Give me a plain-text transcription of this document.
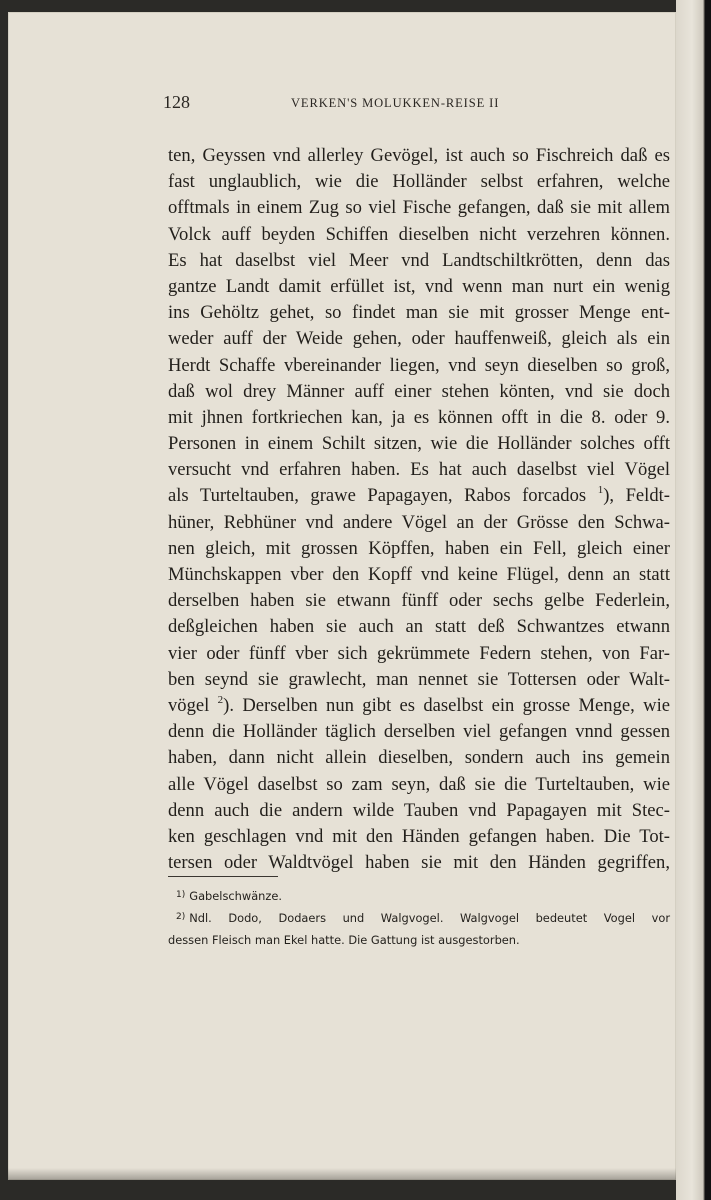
128	VERKEN'S MOLUKKEN-REISE II
ten, Geyssen vnd allerley Gevögel, ist auch so Fischreich daß es
fast unglaublich, wie die Holländer selbst erfahren, welche
offtmals in einem Zug so viel Fische gefangen, daß sie mit allem
Volck auff beyden Schiffen dieselben nicht verzehren können.
Es hat daselbst viel Meer vnd Landtschiltkrötten, denn das
gantze Landt damit erfüllet ist, vnd wenn man nurt ein wenig
ins Gehöltz gehet, so findet man sie mit grosser Menge ent-
weder auff der Weide gehen, oder hauffenweiß, gleich als ein
Herdt Schaffe vbereinander liegen, vnd seyn dieselben so groß,
daß wol drey Männer auff einer stehen könten, vnd sie doch
mit jhnen fortkriechen kan, ja es können offt in die 8. oder 9.
Personen in einem Schilt sitzen, wie die Holländer solches offt
versucht vnd erfahren haben. Es hat auch daselbst viel Vögel
als Turteltauben, grawe Papagayen, Rabos forcados $^1$), Feldt-
hüner, Rebhüner vnd andere Vögel an der Grösse den Schwa-
nen gleich, mit grossen Köpffen, haben ein Fell, gleich einer
Münchskappen vber den Kopff vnd keine Flügel, denn an statt
derselben haben sie etwann fünff oder sechs gelbe Federlein,
deßgleichen haben sie auch an statt deß Schwantzes etwann
vier oder fünff vber sich gekrümmete Federn stehen, von Far-
ben seynd sie grawlecht, man nennet sie Tottersen oder Walt-
vögel $^2$). Derselben nun gibt es daselbst ein grosse Menge, wie
denn die Holländer täglich derselben viel gefangen vnnd gessen
haben, dann nicht allein dieselben, sondern auch ins gemein
alle Vögel daselbst so zam seyn, daß sie die Turteltauben, wie
denn auch die andern wilde Tauben vnd Papagayen mit Stec-
ken geschlagen vnd mit den Händen gefangen haben. Die Tot-
tersen oder Waldtvögel haben sie mit den Händen gegriffen,
$^{1)}$ Gabelschwänze.
$^{2)}$ Ndl. Dodo, Dodaers und Walgvogel. Walgvogel bedeutet Vogel vor
dessen Fleisch man Ekel hatte. Die Gattung ist ausgestorben.
